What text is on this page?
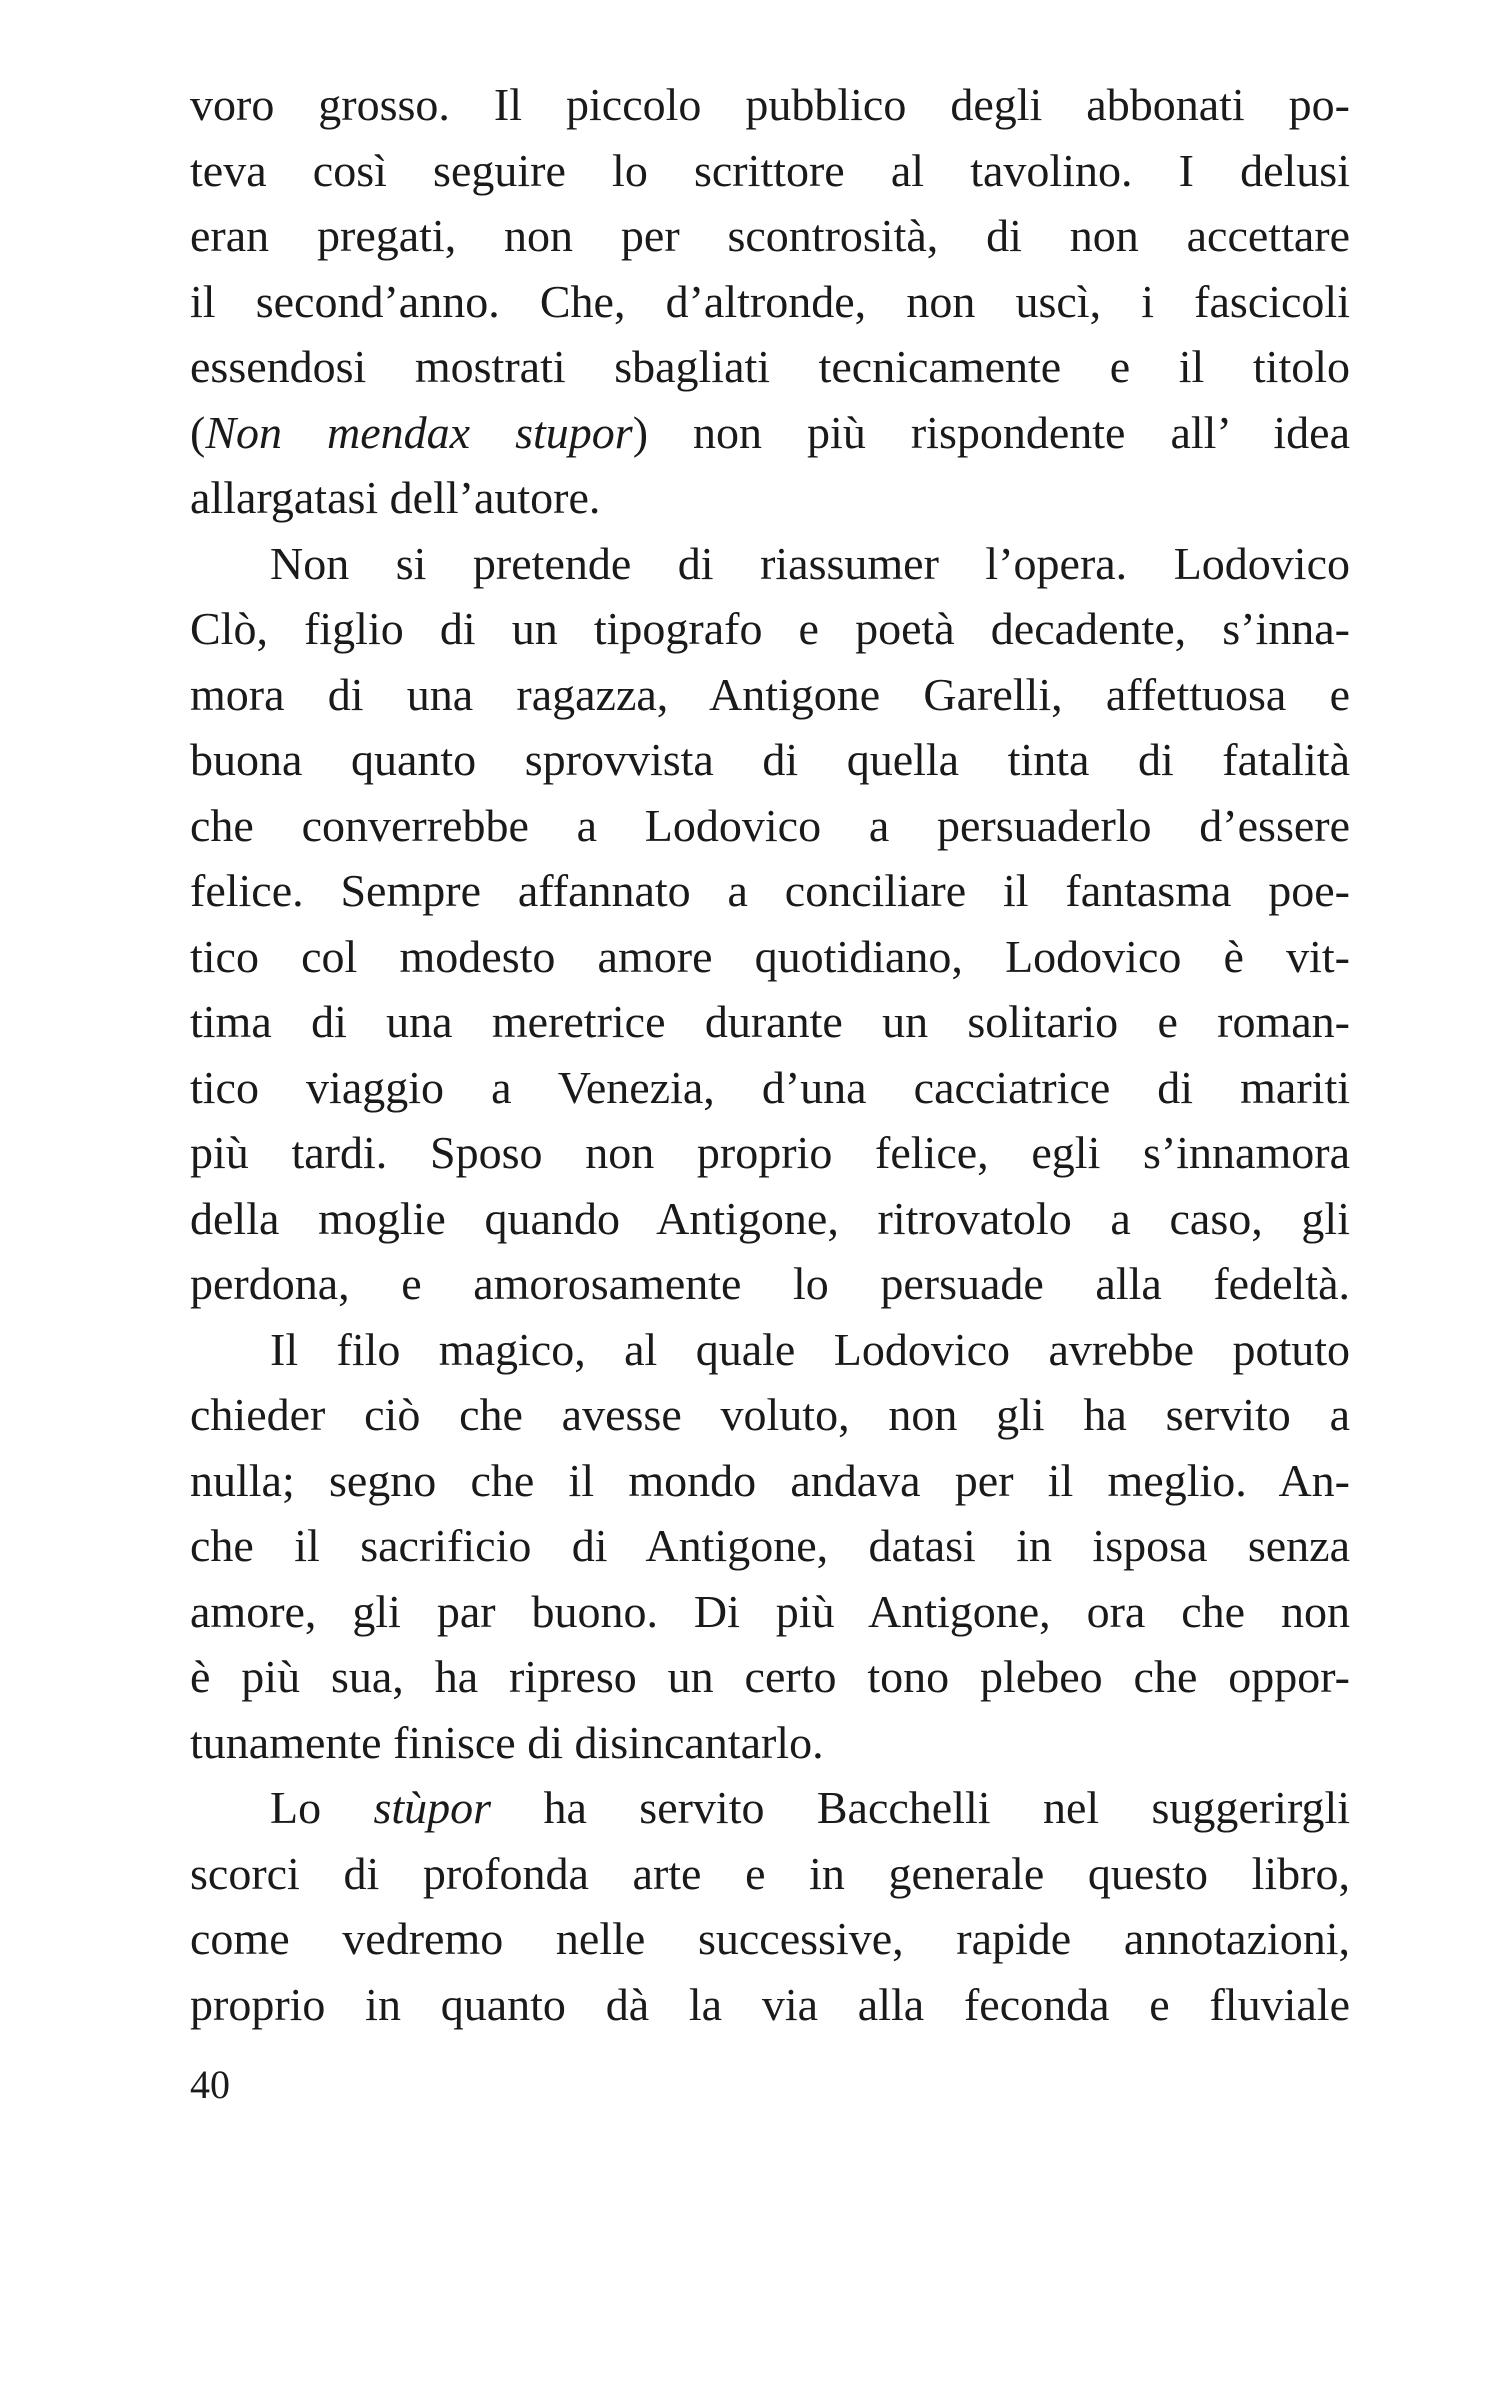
voro grosso. Il piccolo pubblico degli abbonati po-
teva così seguire lo scrittore al tavolino. I delusi
eran pregati, non per scontrosità, di non accettare
il second’anno. Che, d’altronde, non uscì, i fascicoli
essendosi mostrati sbagliati tecnicamente e il titolo
(Non mendax stupor) non più rispondente all’ idea
allargatasi dell’autore.
Non si pretende di riassumer l’opera. Lodovico
Clò, figlio di un tipografo e poetà decadente, s’inna-
mora di una ragazza, Antigone Garelli, affettuosa e
buona quanto sprovvista di quella tinta di fatalità
che converrebbe a Lodovico a persuaderlo d’essere
felice. Sempre affannato a conciliare il fantasma poe-
tico col modesto amore quotidiano, Lodovico è vit-
tima di una meretrice durante un solitario e roman-
tico viaggio a Venezia, d’una cacciatrice di mariti
più tardi. Sposo non proprio felice, egli s’innamora
della moglie quando Antigone, ritrovatolo a caso, gli
perdona, e amorosamente lo persuade alla fedeltà.
Il filo magico, al quale Lodovico avrebbe potuto
chieder ciò che avesse voluto, non gli ha servito a
nulla; segno che il mondo andava per il meglio. An-
che il sacrificio di Antigone, datasi in isposa senza
amore, gli par buono. Di più Antigone, ora che non
è più sua, ha ripreso un certo tono plebeo che oppor-
tunamente finisce di disincantarlo.
Lo stùpor ha servito Bacchelli nel suggerirgli
scorci di profonda arte e in generale questo libro,
come vedremo nelle successive, rapide annotazioni,
proprio in quanto dà la via alla feconda e fluviale
40
